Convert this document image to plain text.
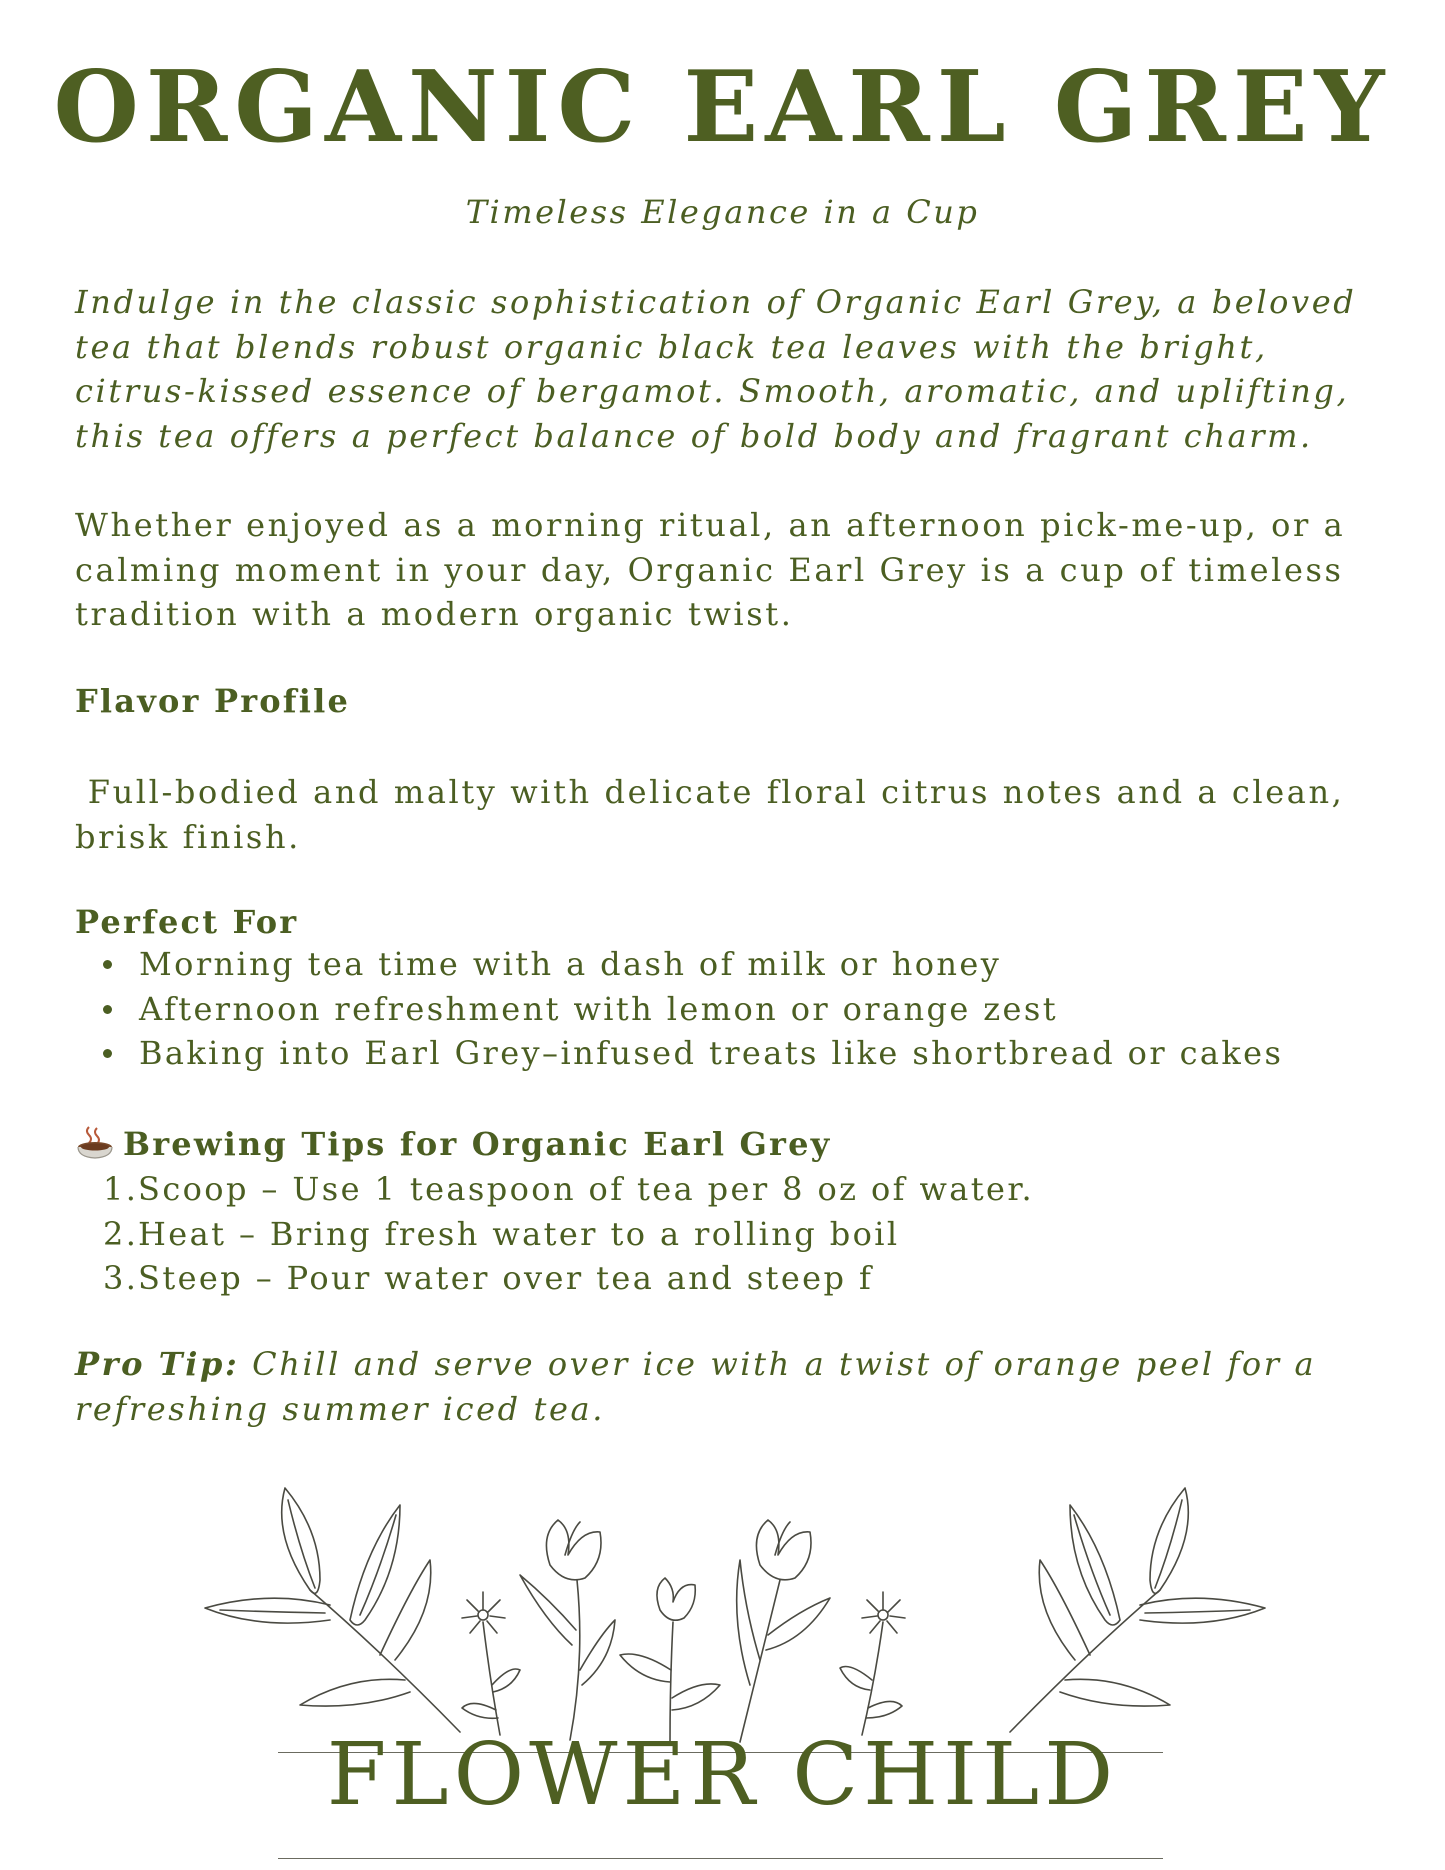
ORGANIC EARL GREY

Timeless Elegance in a Cup

Indulge in the classic sophistication of Organic Earl Grey, a beloved tea that blends robust organic black tea leaves with the bright, citrus-kissed essence of bergamot. Smooth, aromatic, and uplifting, this tea offers a perfect balance of bold body and fragrant charm.

Whether enjoyed as a morning ritual, an afternoon pick-me-up, or a calming moment in your day, Organic Earl Grey is a cup of timeless tradition with a modern organic twist.

Flavor Profile

Full-bodied and malty with delicate floral citrus notes and a clean, brisk finish.

Perfect For
Morning tea time with a dash of milk or honey
Afternoon refreshment with lemon or orange zest
Baking into Earl Grey–infused treats like shortbread or cakes
Brewing Tips for Organic Earl Grey
1. Scoop – Use 1 teaspoon of tea per 8 oz of water.
2. Heat – Bring fresh water to a rolling boil
3. Steep – Pour water over tea and steep f

Pro Tip: Chill and serve over ice with a twist of orange peel for a refreshing summer iced tea.

FLOWER CHILD
